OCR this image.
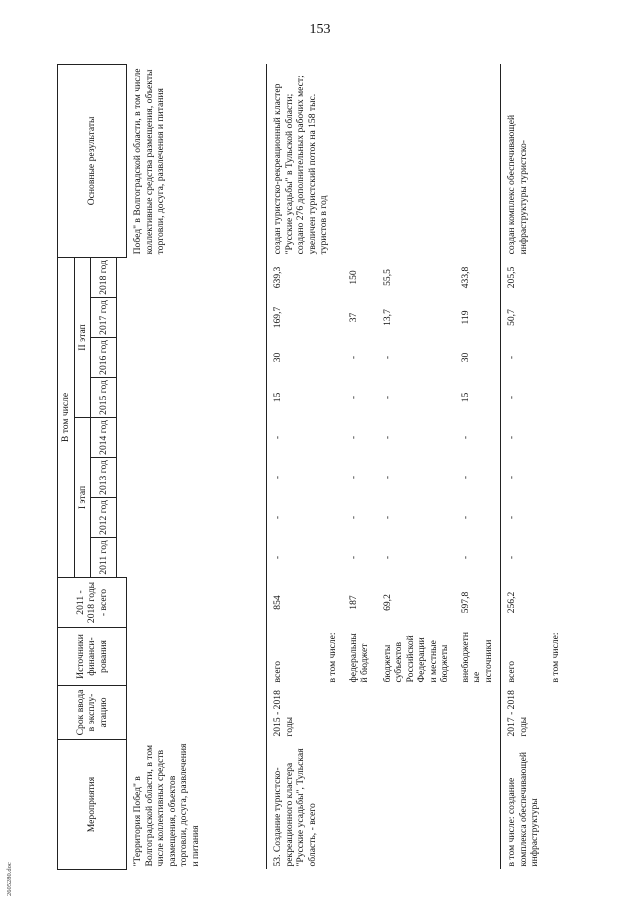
153
2605280.doc
Мероприятия	Срок ввода в эксплу-атацию	Источники финанси-рования	2011 - 2018 годы - всего	В том числе								Основные результаты
				I этап				II этап				
				2011 год	2012 год	2013 год	2014 год	2015 год	2016 год	2017 год	2018 год	

"Территория Побед" в Волгоградской области, в том числе коллективных средств размещения, объектов торговли, досуга, развлечения и питания												Побед" в Волгоградской области, в том числе коллективные средства размещения, объекты торговли, досуга, развлечения и питания
53. Создание туристско-рекреационного кластера "Русские усадьбы", Тульская область, - всего	2015 - 2018 годы	всего	854	-	-	-	-	15	30	169,7	639,3	создан туристско-рекреационный кластер "Русские усадьбы" в Тульской области; создано 276 дополнительных рабочих мест; увеличен туристский поток на 158 тыс. туристов в год
		в том числе:										
		федеральный бюджет	187	-	-	-	-	-	-	37	150	
		бюджеты субъектов Российской Федерации и местные бюджеты	69,2	-	-	-	-	-	-	13,7	55,5	
		внебюджетные источники	597,8	-	-	-	-	15	30	119	433,8	
в том числе: создание комплекса обеспечивающей инфраструктуры	2017 - 2018 годы	всего	256,2	-	-	-	-	-	-	50,7	205,5	создан комплекс обеспечивающей инфраструктуры туристско-
		в том числе:										
